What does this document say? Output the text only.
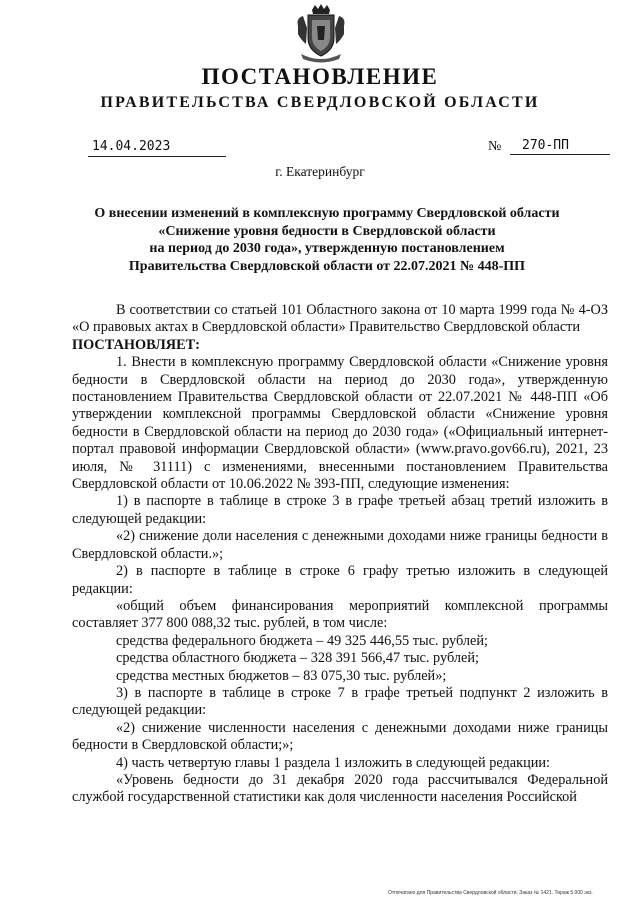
ПОСТАНОВЛЕНИЕ
ПРАВИТЕЛЬСТВА СВЕРДЛОВСКОЙ ОБЛАСТИ
14.04.2023	№	270-ПП
г. Екатеринбург
О внесении изменений в комплексную программу Свердловской области
«Снижение уровня бедности в Свердловской области
на период до 2030 года», утвержденную постановлением
Правительства Свердловской области от 22.07.2021 № 448-ПП

В соответствии со статьей 101 Областного закона от 10 марта 1999 года № 4-ОЗ «О правовых актах в Свердловской области» Правительство Свердловской области

ПОСТАНОВЛЯЕТ:

1. Внести в комплексную программу Свердловской области «Снижение уровня бедности в Свердловской области на период до 2030 года», утвержденную постановлением Правительства Свердловской области от 22.07.2021 № 448-ПП «Об утверждении комплексной программы Свердловской области «Снижение уровня бедности в Свердловской области на период до 2030 года» («Официальный интернет-портал правовой информации Свердловской области» (www.pravo.gov66.ru), 2021, 23 июля, № 31111) с изменениями, внесенными постановлением Правительства Свердловской области от 10.06.2022 № 393-ПП, следующие изменения:

1) в паспорте в таблице в строке 3 в графе третьей абзац третий изложить в следующей редакции:

«2) снижение доли населения с денежными доходами ниже границы бедности в Свердловской области.»;

2) в паспорте в таблице в строке 6 графу третью изложить в следующей редакции:

«общий объем финансирования мероприятий комплексной программы составляет 377 800 088,32 тыс. рублей, в том числе:

средства федерального бюджета – 49 325 446,55 тыс. рублей;

средства областного бюджета – 328 391 566,47 тыс. рублей;

средства местных бюджетов – 83 075,30 тыс. рублей»;

3) в паспорте в таблице в строке 7 в графе третьей подпункт 2 изложить в следующей редакции:

«2) снижение численности населения с денежными доходами ниже границы бедности в Свердловской области;»;

4) часть четвертую главы 1 раздела 1 изложить в следующей редакции:

«Уровень бедности до 31 декабря 2020 года рассчитывался Федеральной службой государственной статистики как доля численности населения Российской

Отпечатано для Правительства Свердловской области. Заказ № 1421. Тираж 5 000 экз.
